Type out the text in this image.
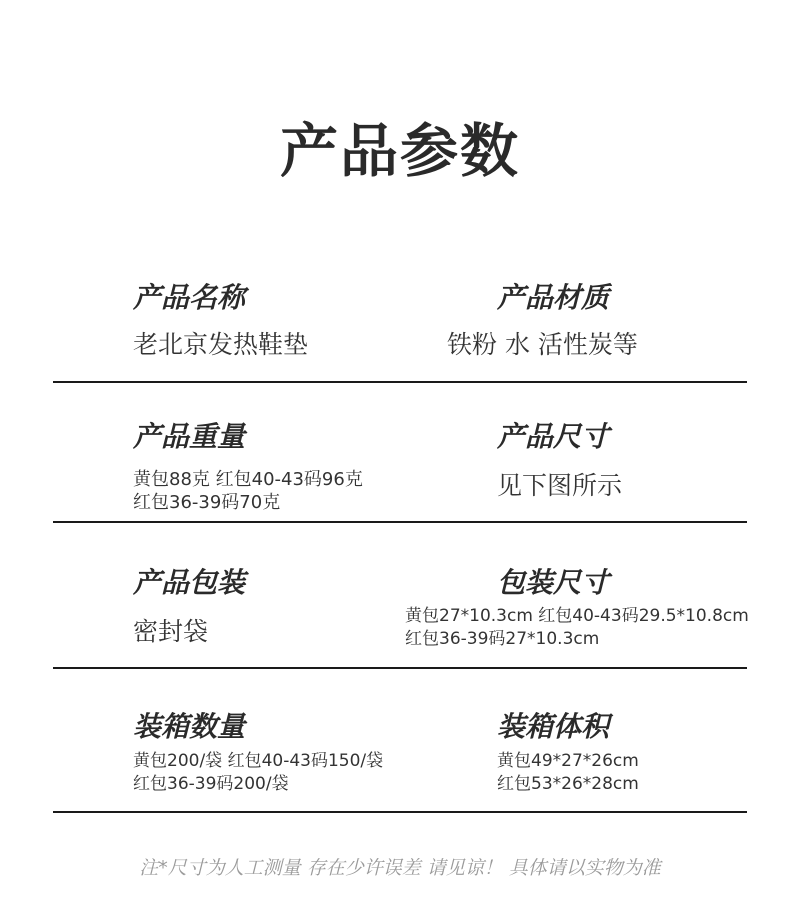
产品参数
产品名称
老北京发热鞋垫
产品材质
铁粉 水 活性炭等
产品重量
黄包88克 红包40-43码96克
红包36-39码70克
产品尺寸
见下图所示
产品包装
密封袋
包装尺寸
黄包27*10.3cm 红包40-43码29.5*10.8cm
红包36-39码27*10.3cm
装箱数量
黄包200/袋 红包40-43码150/袋
红包36-39码200/袋
装箱体积
黄包49*27*26cm
红包53*26*28cm
注*尺寸为人工测量 存在少许误差 请见谅！ 具体请以实物为准
